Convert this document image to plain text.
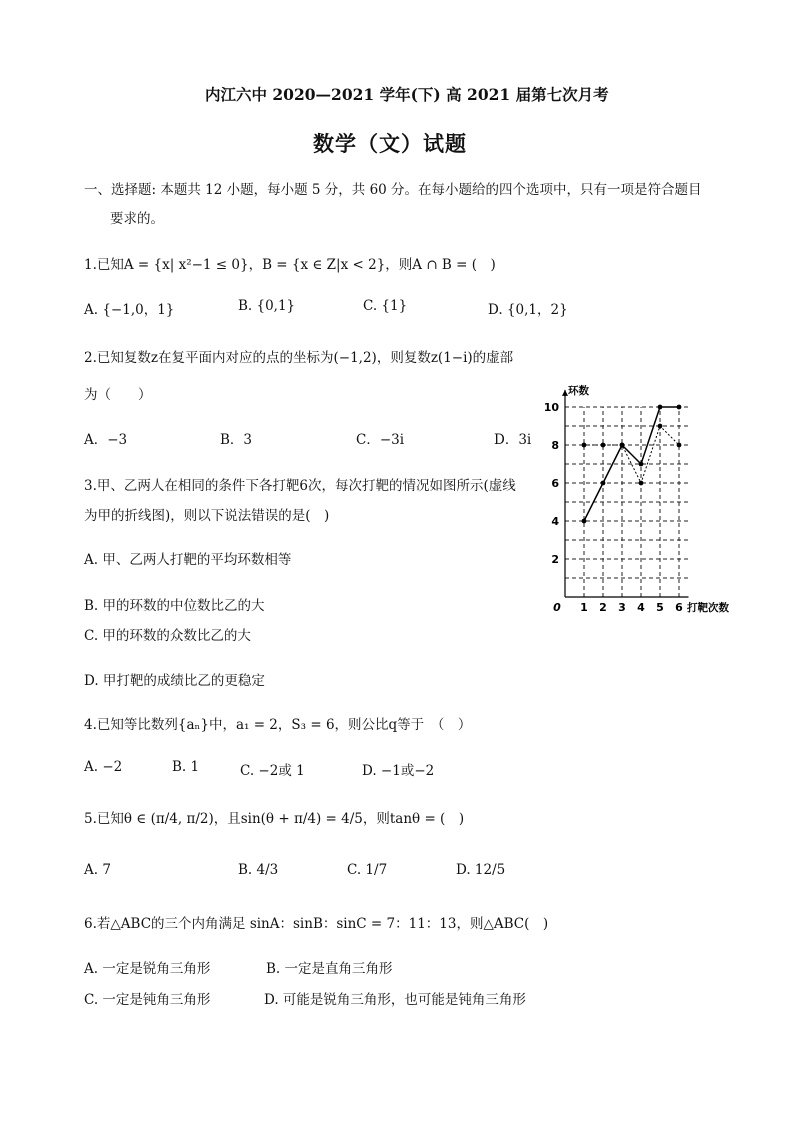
内江六中 2020—2021 学年(下) 高 2021 届第七次月考
数学（文）试题
一、选择题: 本题共 12 小题，每小题 5 分，共 60 分。在每小题给的四个选项中，只有一项是符合题目
要求的。
1.已知A = {x| x²−1 ≤ 0}，B = {x ∈ Z|x < 2}，则A ∩ B = (　)
A. {−1,0，1}	B. {0,1}	C. {1}	D. {0,1，2}
2.已知复数z在复平面内对应的点的坐标为(−1,2)，则复数z(1−i)的虚部
为（　　）
A．−3	B．3	C．−3i	D．3i
3.甲、乙两人在相同的条件下各打靶6次，每次打靶的情况如图所示(虚线
为甲的折线图)，则以下说法错误的是(　)
A. 甲、乙两人打靶的平均环数相等
B. 甲的环数的中位数比乙的大
C. 甲的环数的众数比乙的大
D. 甲打靶的成绩比乙的更稳定
1 2 3 4 5 6
2
4
6
8
10
0
环数
打靶次数
4.已知等比数列{aₙ}中，a₁ = 2，S₃ = 6，则公比q等于　（　）
A. −2	B. 1	C. −2或 1	D. −1或−2
5.已知θ ∈ (π/4, π/2)，且sin(θ + π/4) = 4/5，则tanθ = (　)
A. 7	B. 4/3	C. 1/7	D. 12/5
6.若△ABC的三个内角满足 sinA：sinB：sinC = 7：11：13，则△ABC(　)
A. 一定是锐角三角形	B. 一定是直角三角形
C. 一定是钝角三角形	D. 可能是锐角三角形，也可能是钝角三角形
